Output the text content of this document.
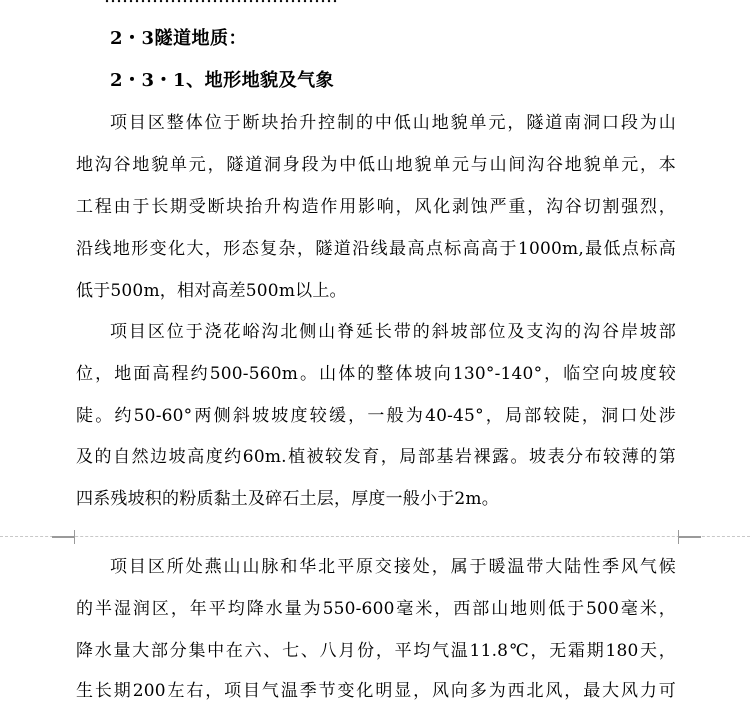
2・3隧道地质：
2・3・1、地形地貌及气象
项目区整体位于断块抬升控制的中低山地貌单元，隧道南洞口段为山
地沟谷地貌单元，隧道洞身段为中低山地貌单元与山间沟谷地貌单元，本
工程由于长期受断块抬升构造作用影响，风化剥蚀严重，沟谷切割强烈，
沿线地形变化大，形态复杂，隧道沿线最高点标高高于1000m,最低点标高
低于500m，相对高差500m以上。
项目区位于浇花峪沟北侧山脊延长带的斜坡部位及支沟的沟谷岸坡部
位，地面高程约500-560m。山体的整体坡向130°-140°，临空向坡度较
陡。约50-60°两侧斜坡坡度较缓，一般为40-45°，局部较陡，洞口处涉
及的自然边坡高度约60m.植被较发育，局部基岩裸露。坡表分布较薄的第
四系残坡积的粉质黏土及碎石土层，厚度一般小于2m。
项目区所处燕山山脉和华北平原交接处，属于暖温带大陆性季风气候
的半湿润区，年平均降水量为550-600毫米，西部山地则低于500毫米，
降水量大部分集中在六、七、八月份，平均气温11.8℃，无霜期180天，
生长期200左右，项目气温季节变化明显，风向多为西北风，最大风力可
